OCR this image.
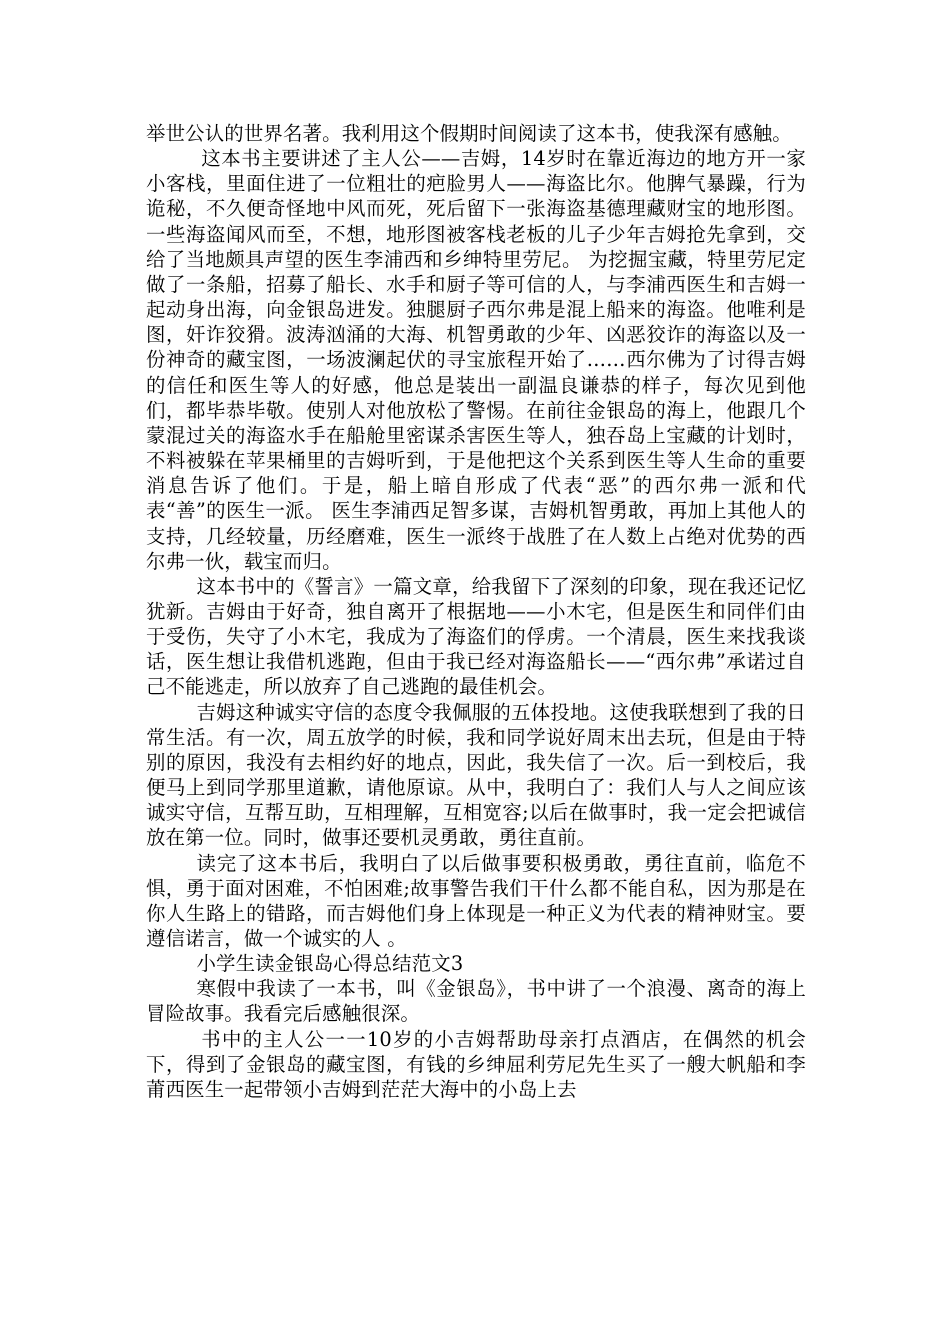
举世公认的世界名著。我利用这个假期时间阅读了这本书，使我深有感触。

这本书主要讲述了主人公——吉姆，14岁时在靠近海边的地方开一家小客栈，里面住进了一位粗壮的疤脸男人——海盗比尔。他脾气暴躁，行为诡秘，不久便奇怪地中风而死，死后留下一张海盗基德理藏财宝的地形图。一些海盗闻风而至，不想，地形图被客栈老板的儿子少年吉姆抢先拿到，交给了当地颇具声望的医生李浦西和乡绅特里劳尼。 为挖掘宝藏，特里劳尼定做了一条船，招募了船长、水手和厨子等可信的人，与李浦西医生和吉姆一起动身出海，向金银岛进发。独腿厨子西尔弗是混上船来的海盗。他唯利是图，奸诈狡猾。波涛汹涌的大海、机智勇敢的少年、凶恶狡诈的海盗以及一份神奇的藏宝图，一场波澜起伏的寻宝旅程开始了……西尔佛为了讨得吉姆的信任和医生等人的好感，他总是装出一副温良谦恭的样子，每次见到他们，都毕恭毕敬。使别人对他放松了警惕。在前往金银岛的海上，他跟几个蒙混过关的海盗水手在船舱里密谋杀害医生等人，独吞岛上宝藏的计划时，不料被躲在苹果桶里的吉姆听到，于是他把这个关系到医生等人生命的重要消息告诉了他们。于是，船上暗自形成了代表“恶”的西尔弗一派和代表“善”的医生一派。 医生李浦西足智多谋，吉姆机智勇敢，再加上其他人的支持，几经较量，历经磨难，医生一派终于战胜了在人数上占绝对优势的西尔弗一伙，载宝而归。

这本书中的《誓言》一篇文章，给我留下了深刻的印象，现在我还记忆犹新。吉姆由于好奇，独自离开了根据地——小木宅，但是医生和同伴们由于受伤，失守了小木宅，我成为了海盗们的俘虏。一个清晨，医生来找我谈话，医生想让我借机逃跑，但由于我已经对海盗船长——“西尔弗”承诺过自己不能逃走，所以放弃了自己逃跑的最佳机会。

吉姆这种诚实守信的态度令我佩服的五体投地。这使我联想到了我的日常生活。有一次，周五放学的时候，我和同学说好周末出去玩，但是由于特别的原因，我没有去相约好的地点，因此，我失信了一次。后一到校后，我便马上到同学那里道歉，请他原谅。从中，我明白了：我们人与人之间应该诚实守信，互帮互助，互相理解，互相宽容;以后在做事时，我一定会把诚信放在第一位。同时，做事还要机灵勇敢，勇往直前。

读完了这本书后，我明白了以后做事要积极勇敢，勇往直前，临危不惧，勇于面对困难，不怕困难;故事警告我们干什么都不能自私，因为那是在你人生路上的错路，而吉姆他们身上体现是一种正义为代表的精神财宝。要遵信诺言，做一个诚实的人 。

小学生读金银岛心得总结范文3

寒假中我读了一本书，叫《金银岛》，书中讲了一个浪漫、离奇的海上冒险故事。我看完后感触很深。

书中的主人公一一10岁的小吉姆帮助母亲打点酒店，在偶然的机会下，得到了金银岛的藏宝图，有钱的乡绅屈利劳尼先生买了一艘大帆船和李莆西医生一起带领小吉姆到茫茫大海中的小岛上去
